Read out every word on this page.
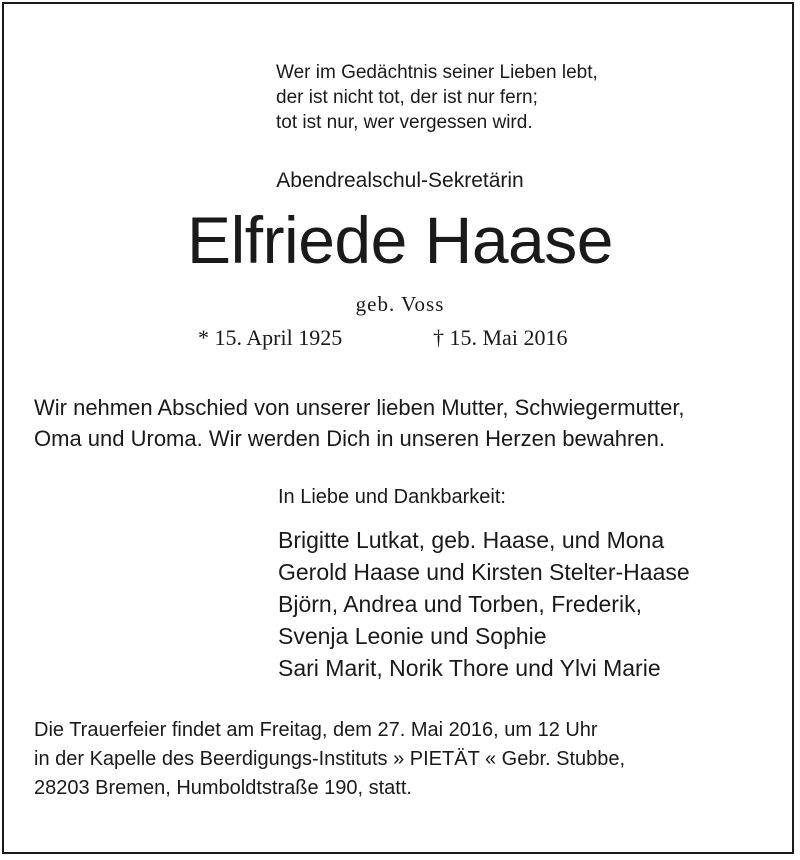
Wer im Gedächtnis seiner Lieben lebt,
der ist nicht tot, der ist nur fern;
tot ist nur, wer vergessen wird.
Abendrealschul-Sekretärin
Elfriede Haase
geb. Voss
* 15. April 1925	† 15. Mai 2016
Wir nehmen Abschied von unserer lieben Mutter, Schwiegermutter,
Oma und Uroma. Wir werden Dich in unseren Herzen bewahren.
In Liebe und Dankbarkeit:
Brigitte Lutkat, geb. Haase, und Mona
Gerold Haase und Kirsten Stelter-Haase
Björn, Andrea und Torben, Frederik,
Svenja Leonie und Sophie
Sari Marit, Norik Thore und Ylvi Marie
Die Trauerfeier findet am Freitag, dem 27. Mai 2016, um 12 Uhr
in der Kapelle des Beerdigungs-Instituts » PIETÄT « Gebr. Stubbe,
28203 Bremen, Humboldtstraße 190, statt.
